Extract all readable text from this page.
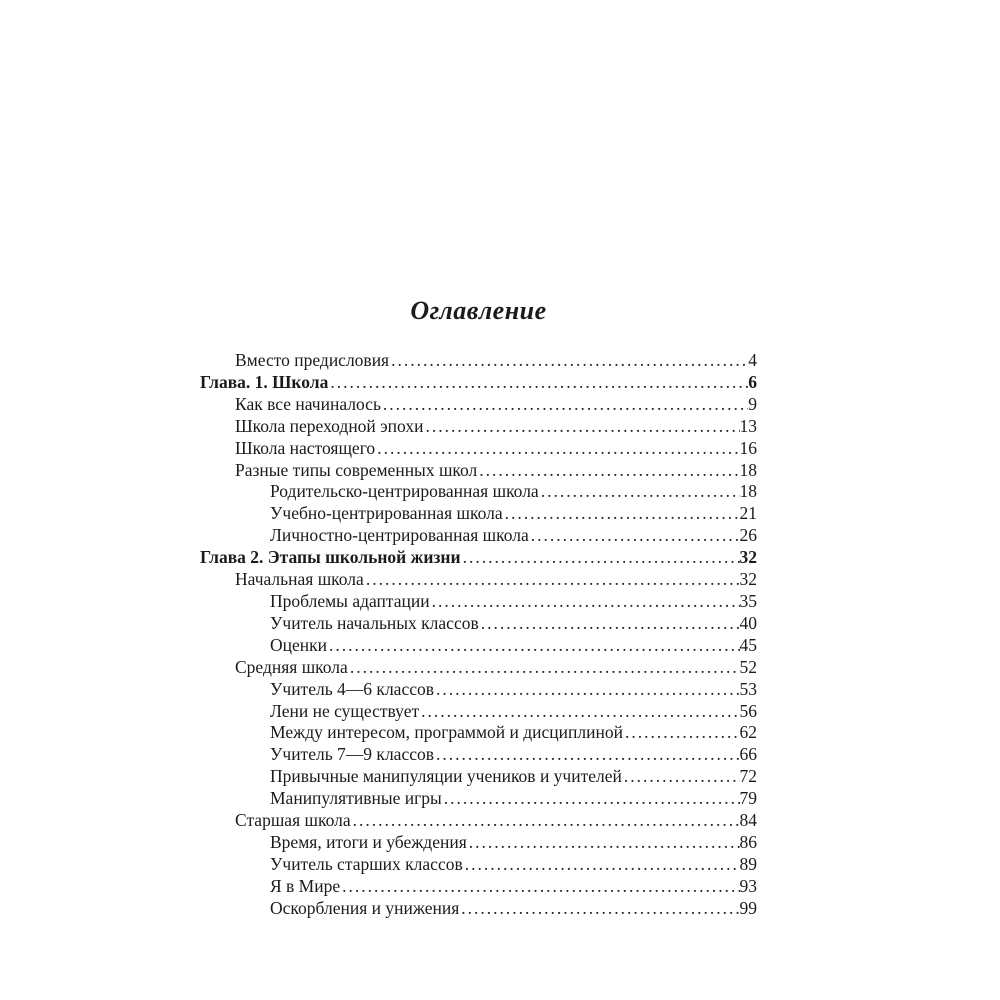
Оглавление
Вместо предисловия .....	4
Глава. 1. Школа .....	6
Как все начиналось .....	9
Школа переходной эпохи .....	13
Школа настоящего .....	16
Разные типы современных школ .....	18
Родительско-центрированная школа .....	18
Учебно-центрированная школа .....	21
Личностно-центрированная школа .....	26
Глава 2. Этапы школьной жизни .....	32
Начальная школа .....	32
Проблемы адаптации .....	35
Учитель начальных классов .....	40
Оценки .....	45
Средняя школа .....	52
Учитель 4—6 классов .....	53
Лени не существует .....	56
Между интересом, программой и дисциплиной .....	62
Учитель 7—9 классов .....	66
Привычные манипуляции учеников и учителей .....	72
Манипулятивные игры .....	79
Старшая школа .....	84
Время, итоги и убеждения .....	86
Учитель старших классов .....	89
Я в Мире .....	93
Оскорбления и унижения .....	99
